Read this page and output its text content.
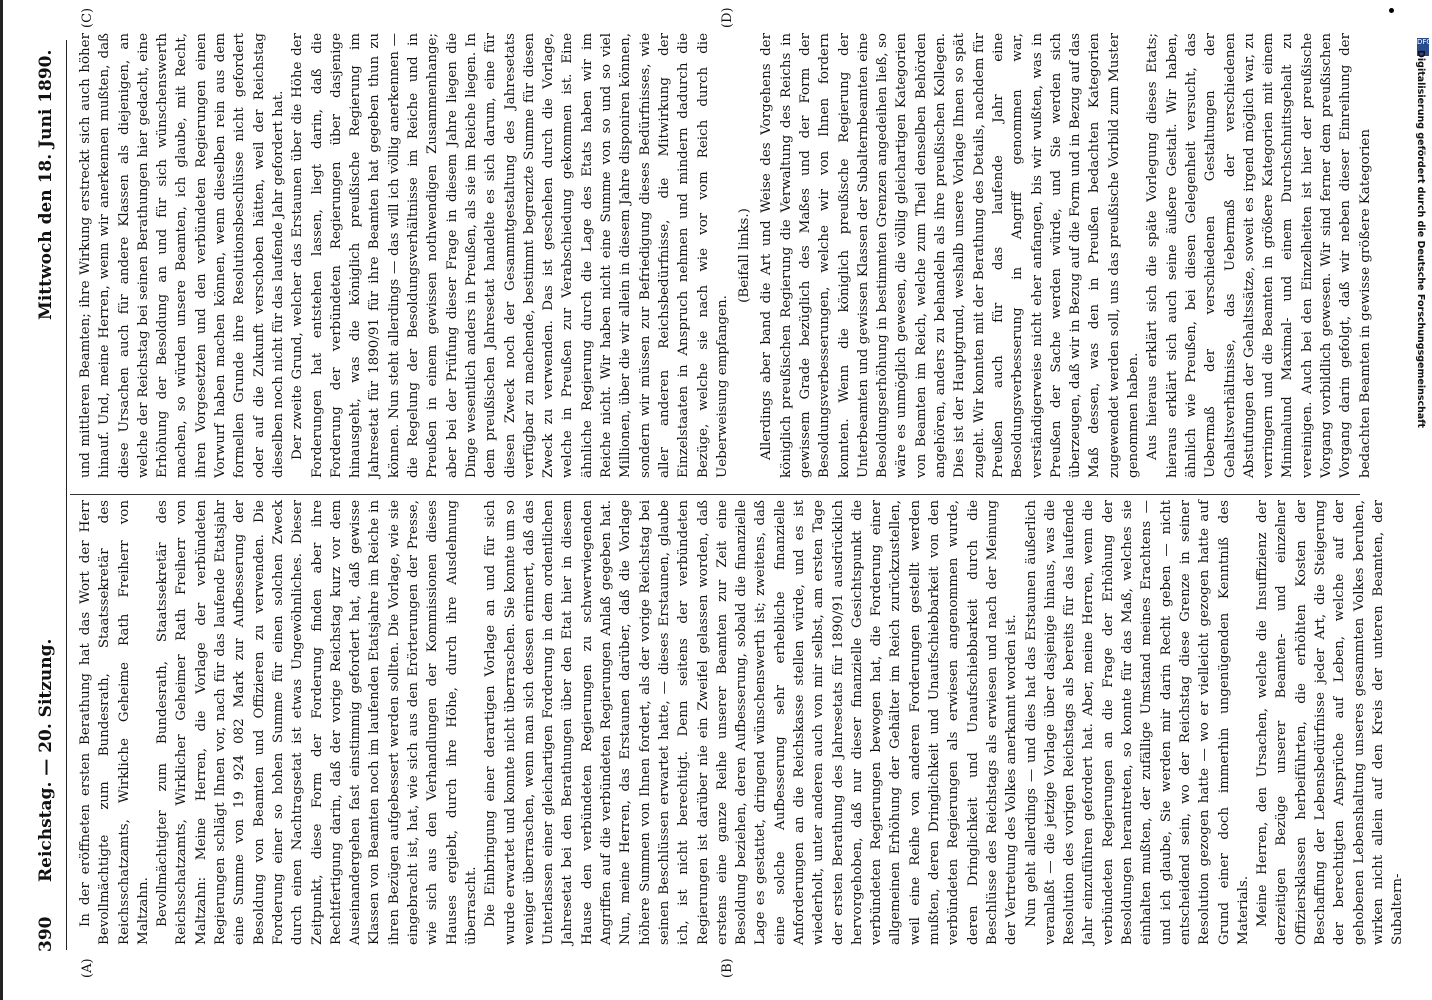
390
Reichstag. — 20. Sitzung.
Mittwoch den 18. Juni 1890.
(A)	(B)
(C)	(D)

In der eröffneten ersten Berathung hat das Wort der Herr Bevollmächtigte zum Bundesrath, Staatssekretär des Reichsschatzamts, Wirkliche Geheime Rath Freiherr von Maltzahn. Bevollmächtigter zum Bundesrath, Staatssekretär des Reichsschatzamts, Wirklicher Geheimer Rath Freiherr von Maltzahn: Meine Herren, die Vorlage der verbündeten Regierungen schlägt Ihnen vor, nach für das laufende Etatsjahr eine Summe von 19 924 082 Mark zur Aufbesserung der Besoldung von Beamten und Offizieren zu verwenden. Die Forderung einer so hohen Summe für einen solchen Zweck durch einen Nachtragsetat ist etwas Ungewöhnliches. Dieser Zeitpunkt, diese Form der Forderung finden aber ihre Rechtfertigung darin, daß der vorige Reichstag kurz vor dem Auseinandergehen fast einstimmig gefordert hat, daß gewisse Klassen von Beamten noch im laufenden Etatsjahre im Reiche in ihren Bezügen aufgebessert werden sollten. Die Vorlage, wie sie eingebracht ist, hat, wie sich aus den Erörterungen der Presse, wie sich aus den Verhandlungen der Kommissionen dieses Hauses ergiebt, durch ihre Höhe, durch ihre Ausdehnung überrascht. Die Einbringung einer derartigen Vorlage an und für sich wurde erwartet und konnte nicht überraschen. Sie konnte um so weniger überraschen, wenn man sich dessen erinnert, daß das Unterlassen einer gleichartigen Forderung in dem ordentlichen Jahresetat bei den Berathungen über den Etat hier in diesem Hause den verbündeten Regierungen zu schwerwiegenden Angriffen auf die verbündeten Regierungen Anlaß gegeben hat. Nun, meine Herren, das Erstaunen darüber, daß die Vorlage höhere Summen von Ihnen fordert, als der vorige Reichstag bei seinen Beschlüssen erwartet hatte, — dieses Erstaunen, glaube ich, ist nicht berechtigt. Denn seitens der verbündeten Regierungen ist darüber nie ein Zweifel gelassen worden, daß erstens eine ganze Reihe unserer Beamten zur Zeit eine Besoldung beziehen, deren Aufbesserung, sobald die finanzielle Lage es gestattet, dringend wünschenswerth ist; zweitens, daß eine solche Aufbesserung sehr erhebliche finanzielle Anforderungen an die Reichskasse stellen würde, und es ist wiederholt, unter anderen auch von mir selbst, am ersten Tage der ersten Berathung des Jahresetats für 1890/91 ausdrücklich hervorgehoben, daß nur dieser finanzielle Gesichtspunkt die verbündeten Regierungen bewogen hat, die Forderung einer allgemeinen Erhöhung der Gehälter im Reich zurückzustellen, weil eine Reihe von anderen Forderungen gestellt werden mußten, deren Dringlichkeit und Unaufschiebbarkeit von den verbündeten Regierungen als erwiesen angenommen wurde, deren Dringlichkeit und Unaufschiebbarkeit durch die Beschlüsse des Reichstags als erwiesen und nach der Meinung der Vertretung des Volkes anerkannt worden ist. Nun geht allerdings — und dies hat das Erstaunen äußerlich veranlaßt — die jetzige Vorlage über dasjenige hinaus, was die Resolution des vorigen Reichstags als bereits für das laufende Jahr einzuführen gefordert hat. Aber, meine Herren, wenn die verbündeten Regierungen an die Frage der Erhöhung der Besoldungen herantreten, so konnte für das Maß, welches sie einhalten mußten, der zufällige Umstand meines Erachtens — und ich glaube, Sie werden mir darin Recht geben — nicht entscheidend sein, wo der Reichstag diese Grenze in seiner Resolution gezogen hatte — wo er vielleicht gezogen hatte auf Grund einer doch immerhin ungenügenden Kenntniß des Materials. Meine Herren, den Ursachen, welche die Insuffizienz der derzeitigen Bezüge unserer Beamten- und einzelner Offiziersklassen herbeiführten, die erhöhten Kosten der Beschaffung der Lebensbedürfnisse jeder Art, die Steigerung der berechtigten Ansprüche auf Leben, welche auf der gehobenen Lebenshaltung unseres gesammten Volkes beruhen, wirken nicht allein auf den Kreis der unteren Beamten, der Subaltern-

und mittleren Beamten; ihre Wirkung erstreckt sich auch höher hinauf. Und, meine Herren, wenn wir anerkennen mußten, daß diese Ursachen auch für andere Klassen als diejenigen, an welche der Reichstag bei seinen Berathungen hier gedacht, eine Erhöhung der Besoldung an und für sich wünschenswerth machen, so würden unsere Beamten, ich glaube, mit Recht, ihren Vorgesetzten und den verbündeten Regierungen einen Vorwurf haben machen können, wenn dieselben rein aus dem formellen Grunde ihre Resolutionsbeschlüsse nicht gefordert oder auf die Zukunft verschoben hätten, weil der Reichstag dieselben noch nicht für das laufende Jahr gefordert hat. Der zweite Grund, welcher das Erstaunen über die Höhe der Forderungen hat entstehen lassen, liegt darin, daß die Forderung der verbündeten Regierungen über dasjenige hinausgeht, was die königlich preußische Regierung im Jahresetat für 1890/91 für ihre Beamten hat gegeben thun zu können. Nun steht allerdings — das will ich völlig anerkennen — die Regelung der Besoldungsverhältnisse im Reiche und in Preußen in einem gewissen nothwendigen Zusammenhange; aber bei der Prüfung dieser Frage in diesem Jahre liegen die Dinge wesentlich anders in Preußen, als sie im Reiche liegen. In dem preußischen Jahresetat handelte es sich darum, eine für diesen Zweck noch der Gesammtgestaltung des Jahresetats verfügbar zu machende, bestimmt begrenzte Summe für diesen Zweck zu verwenden. Das ist geschehen durch die Vorlage, welche in Preußen zur Verabschiedung gekommen ist. Eine ähnliche Regierung durch die Lage des Etats haben wir im Reiche nicht. Wir haben nicht eine Summe von so und so viel Millionen, über die wir allein in diesem Jahre disponiren können, sondern wir müssen zur Befriedigung dieses Bedürfnisses, wie aller anderen Reichsbedürfnisse, die Mitwirkung der Einzelstaaten in Anspruch nehmen und mindern dadurch die Bezüge, welche sie nach wie vor vom Reich durch die Ueberweisung empfangen.

(Beifall links.) Allerdings aber band die Art und Weise des Vorgehens der königlich preußischen Regierung die Verwaltung des Reichs in gewissem Grade bezüglich des Maßes und der Form der Besoldungsverbesserungen, welche wir von Ihnen fordern konnten. Wenn die königlich preußische Regierung der Unterbeamten und gewissen Klassen der Subalternbeamten eine Besoldungserhöhung in bestimmten Grenzen angedeihen ließ, so wäre es unmöglich gewesen, die völlig gleichartigen Kategorien von Beamten im Reich, welche zum Theil denselben Behörden angehören, anders zu behandeln als ihre preußischen Kollegen. Dies ist der Hauptgrund, weshalb unsere Vorlage Ihnen so spät zugeht. Wir konnten mit der Berathung des Details, nachdem für Preußen auch für das laufende Jahr eine Besoldungsverbesserung in Angriff genommen war, verständigerweise nicht eher anfangen, bis wir wußten, was in Preußen der Sache werden würde, und Sie werden sich überzeugen, daß wir in Bezug auf die Form und in Bezug auf das Maß dessen, was den in Preußen bedachten Kategorien zugewendet werden soll, uns das preußische Vorbild zum Muster genommen haben. Aus hieraus erklärt sich die späte Vorlegung dieses Etats; hieraus erklärt sich auch seine äußere Gestalt. Wir haben, ähnlich wie Preußen, bei diesen Gelegenheit versucht, das Uebermaß der verschiedenen Gestaltungen der Gehaltsverhältnisse, das Uebermaß der verschiedenen Abstufungen der Gehaltssätze, soweit es irgend möglich war, zu verringern und die Beamten in größere Kategorien mit einem Minimalund Maximal- und einem Durchschnittsgehalt zu vereinigen. Auch bei den Einzelheiten ist hier der preußische Vorgang vorbildlich gewesen. Wir sind ferner dem preußischen Vorgang darin gefolgt, daß wir neben dieser Einreihung der bedachten Beamten in gewisse größere Kategorien

DFG
Digitalisierung gefördert durch die Deutsche Forschungsgemeinschaft
